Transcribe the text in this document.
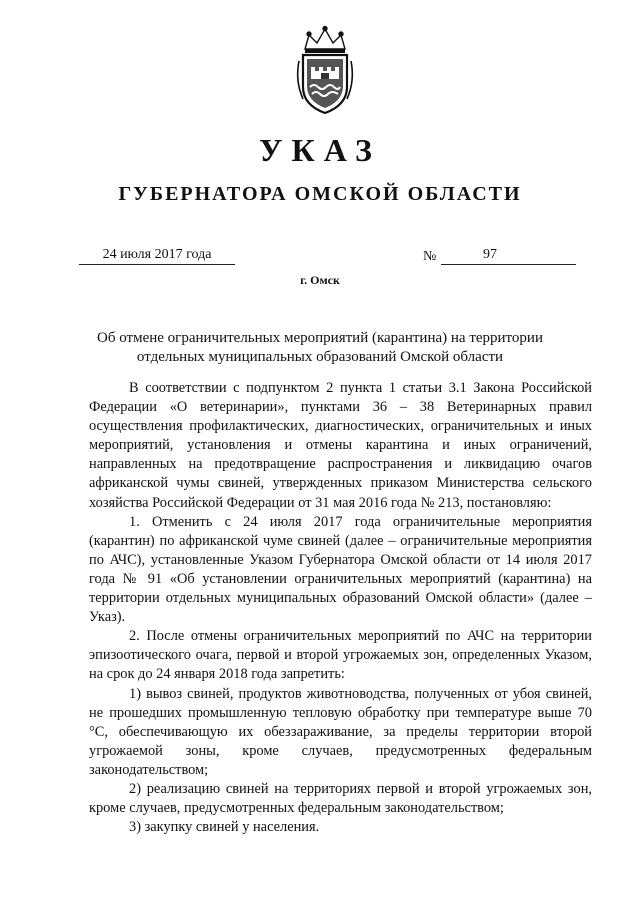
УКАЗ
ГУБЕРНАТОРА ОМСКОЙ ОБЛАСТИ
24 июля 2017 года	№	97
г. Омск
Об отмене ограничительных мероприятий (карантина) на территории
отдельных муниципальных образований Омской области

В соответствии с подпунктом 2 пункта 1 статьи 3.1 Закона Российской Федерации «О ветеринарии», пунктами 36 – 38 Ветеринарных правил осуществления профилактических, диагностических, ограничительных и иных мероприятий, установления и отмены карантина и иных ограничений, направленных на предотвращение распространения и ликвидацию очагов африканской чумы свиней, утвержденных приказом Министерства сельского хозяйства Российской Федерации от 31 мая 2016 года № 213, постановляю:

1. Отменить с 24 июля 2017 года ограничительные мероприятия (карантин) по африканской чуме свиней (далее – ограничительные мероприятия по АЧС), установленные Указом Губернатора Омской области от 14 июля 2017 года № 91 «Об установлении ограничительных мероприятий (карантина) на территории отдельных муниципальных образований Омской области» (далее – Указ).

2. После отмены ограничительных мероприятий по АЧС на территории эпизоотического очага, первой и второй угрожаемых зон, определенных Указом, на срок до 24 января 2018 года запретить:

1) вывоз свиней, продуктов животноводства, полученных от убоя свиней, не прошедших промышленную тепловую обработку при температуре выше 70 °С, обеспечивающую их обеззараживание, за пределы территории второй угрожаемой зоны, кроме случаев, предусмотренных федеральным законодательством;

2) реализацию свиней на территориях первой и второй угрожаемых зон, кроме случаев, предусмотренных федеральным законодательством;

3) закупку свиней у населения.
